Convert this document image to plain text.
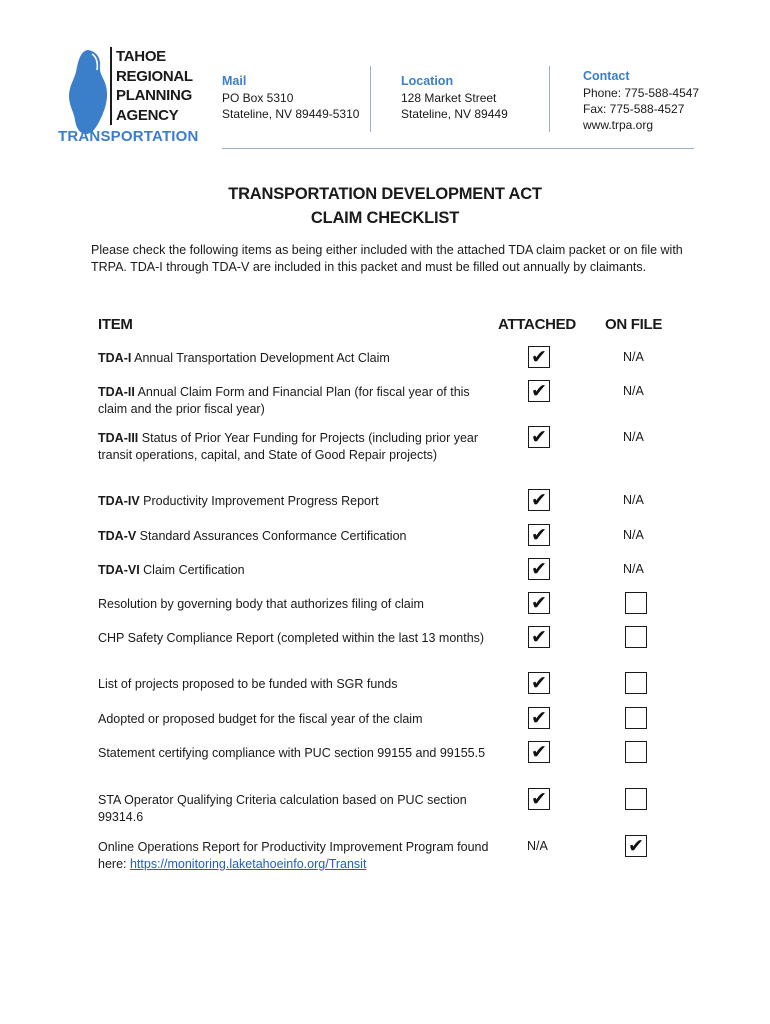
TAHOE
REGIONAL
PLANNING
AGENCY
TRANSPORTATION
Mail
PO Box 5310
Stateline, NV 89449-5310
Location
128 Market Street
Stateline, NV 89449
Contact
Phone: 775-588-4547
Fax: 775-588-4527
www.trpa.org
TRANSPORTATION DEVELOPMENT ACT
CLAIM CHECKLIST
Please check the following items as being either included with the attached TDA claim packet or on file with TRPA. TDA-I through TDA-V are included in this packet and must be filled out annually by claimants.
ITEM	ATTACHED ON FILE
TDA-I Annual Transportation Development Act Claim	✔	N/A
TDA-II Annual Claim Form and Financial Plan (for fiscal year of this claim and the prior fiscal year)
✔	N/A
TDA-III Status of Prior Year Funding for Projects (including prior year transit operations, capital, and State of Good Repair projects)
✔	N/A
TDA-IV Productivity Improvement Progress Report	✔	N/A
TDA-V Standard Assurances Conformance Certification	✔	N/A
TDA-VI Claim Certification	✔	N/A
Resolution by governing body that authorizes filing of claim	✔
CHP Safety Compliance Report (completed within the last 13 months) ✔
List of projects proposed to be funded with SGR funds	✔
Adopted or proposed budget for the fiscal year of the claim	✔
Statement certifying compliance with PUC section 99155 and 99155.5 ✔
STA Operator Qualifying Criteria calculation based on PUC section 99314.6
✔
Online Operations Report for Productivity Improvement Program found here: https://monitoring.laketahoeinfo.org/Transit
N/A	✔
